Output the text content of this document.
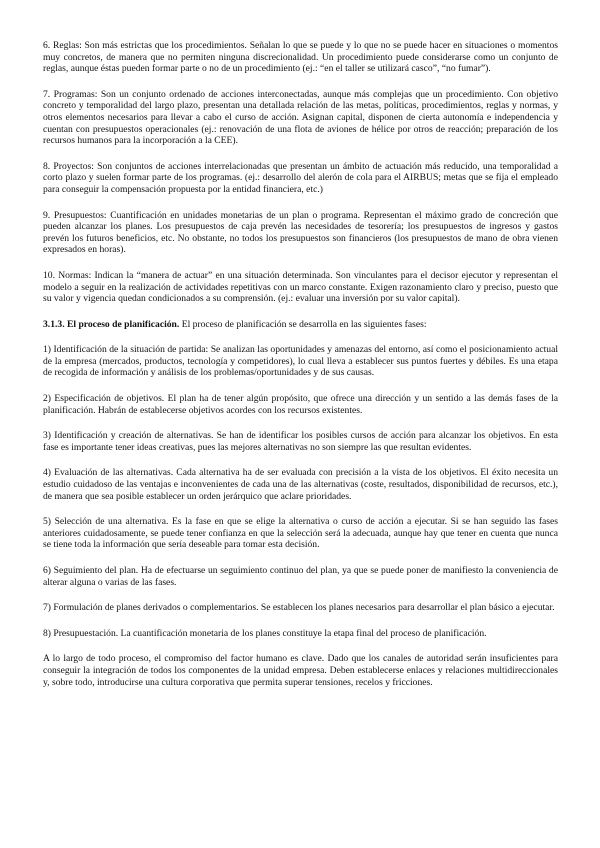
6. Reglas: Son más estrictas que los procedimientos. Señalan lo que se puede y lo que no se puede hacer en situaciones o momentos muy concretos, de manera que no permiten ninguna discrecionalidad. Un procedimiento puede considerarse como un conjunto de reglas, aunque éstas pueden formar parte o no de un procedimiento (ej.: “en el taller se utilizará casco”, “no fumar”).

7. Programas: Son un conjunto ordenado de acciones interconectadas, aunque más complejas que un procedimiento. Con objetivo concreto y temporalidad del largo plazo, presentan una detallada relación de las metas, políticas, procedimientos, reglas y normas, y otros elementos necesarios para llevar a cabo el curso de acción. Asignan capital, disponen de cierta autonomía e independencia y cuentan con presupuestos operacionales (ej.: renovación de una flota de aviones de hélice por otros de reacción; preparación de los recursos humanos para la incorporación a la CEE).

8. Proyectos: Son conjuntos de acciones interrelacionadas que presentan un ámbito de actuación más reducido, una temporalidad a corto plazo y suelen formar parte de los programas. (ej.: desarrollo del alerón de cola para el AIRBUS; metas que se fija el empleado para conseguir la compensación propuesta por la entidad financiera, etc.)

9. Presupuestos: Cuantificación en unidades monetarias de un plan o programa. Representan el máximo grado de concreción que pueden alcanzar los planes. Los presupuestos de caja prevén las necesidades de tesorería; los presupuestos de ingresos y gastos prevén los futuros beneficios, etc. No obstante, no todos los presupuestos son financieros (los presupuestos de mano de obra vienen expresados en horas).

10. Normas: Indican la “manera de actuar” en una situación determinada. Son vinculantes para el decisor ejecutor y representan el modelo a seguir en la realización de actividades repetitivas con un marco constante. Exigen razonamiento claro y preciso, puesto que su valor y vigencia quedan condicionados a su comprensión. (ej.: evaluar una inversión por su valor capital).

3.1.3. El proceso de planificación. El proceso de planificación se desarrolla en las siguientes fases:

1) Identificación de la situación de partida: Se analizan las oportunidades y amenazas del entorno, así como el posicionamiento actual de la empresa (mercados, productos, tecnología y competidores), lo cual lleva a establecer sus puntos fuertes y débiles. Es una etapa de recogida de información y análisis de los problemas/oportunidades y de sus causas.

2) Especificación de objetivos. El plan ha de tener algún propósito, que ofrece una dirección y un sentido a las demás fases de la planificación. Habrán de establecerse objetivos acordes con los recursos existentes.

3) Identificación y creación de alternativas. Se han de identificar los posibles cursos de acción para alcanzar los objetivos. En esta fase es importante tener ideas creativas, pues las mejores alternativas no son siempre las que resultan evidentes.

4) Evaluación de las alternativas. Cada alternativa ha de ser evaluada con precisión a la vista de los objetivos. El éxito necesita un estudio cuidadoso de las ventajas e inconvenientes de cada una de las alternativas (coste, resultados, disponibilidad de recursos, etc.), de manera que sea posible establecer un orden jerárquico que aclare prioridades.

5) Selección de una alternativa. Es la fase en que se elige la alternativa o curso de acción a ejecutar. Si se han seguido las fases anteriores cuidadosamente, se puede tener confianza en que la selección será la adecuada, aunque hay que tener en cuenta que nunca se tiene toda la información que sería deseable para tomar esta decisión.

6) Seguimiento del plan. Ha de efectuarse un seguimiento continuo del plan, ya que se puede poner de manifiesto la conveniencia de alterar alguna o varias de las fases.

7) Formulación de planes derivados o complementarios. Se establecen los planes necesarios para desarrollar el plan básico a ejecutar.

8) Presupuestación. La cuantificación monetaria de los planes constituye la etapa final del proceso de planificación.

A lo largo de todo proceso, el compromiso del factor humano es clave. Dado que los canales de autoridad serán insuficientes para conseguir la integración de todos los componentes de la unidad empresa. Deben establecerse enlaces y relaciones multidireccionales y, sobre todo, introducirse una cultura corporativa que permita superar tensiones, recelos y fricciones.
